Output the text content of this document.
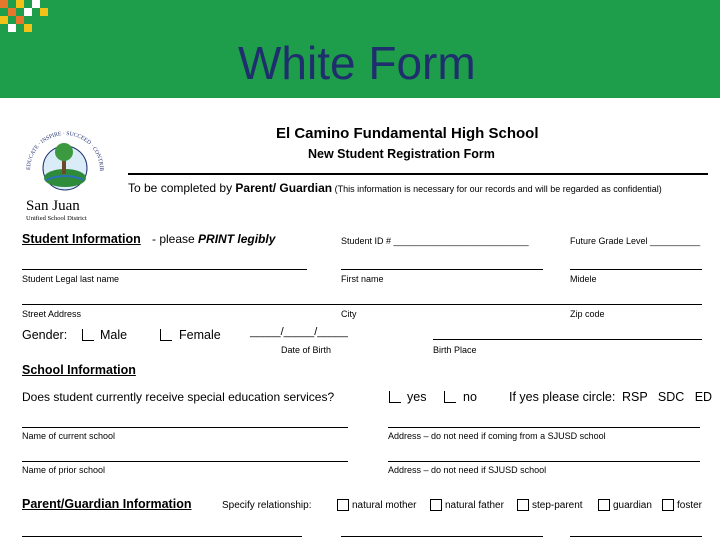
White Form
EDUCATE · INSPIRE · SUCCEED · CONTRIB
San Juan
Unified School District
El Camino Fundamental High School
New Student Registration Form
To be completed by Parent/ Guardian (This information is necessary for our records and will be regarded as confidential)
Student Information - please PRINT legibly	Student ID # ___________________________	Future Grade Level __________
Student Legal last name	First name	Midele
Street Address	City	Zip code
Gender:	Male	Female	_____/_____/_____
Date of Birth	Birth Place
School Information
Does student currently receive special education services?	yes	no	If yes please circle: RSP   SDC   ED
Name of current school	Address – do not need if coming from a SJUSD school
Name of prior school	Address – do not need if SJUSD school
Parent/Guardian Information	Specify relationship:	natural mother	natural father	step-parent	guardian	foster
